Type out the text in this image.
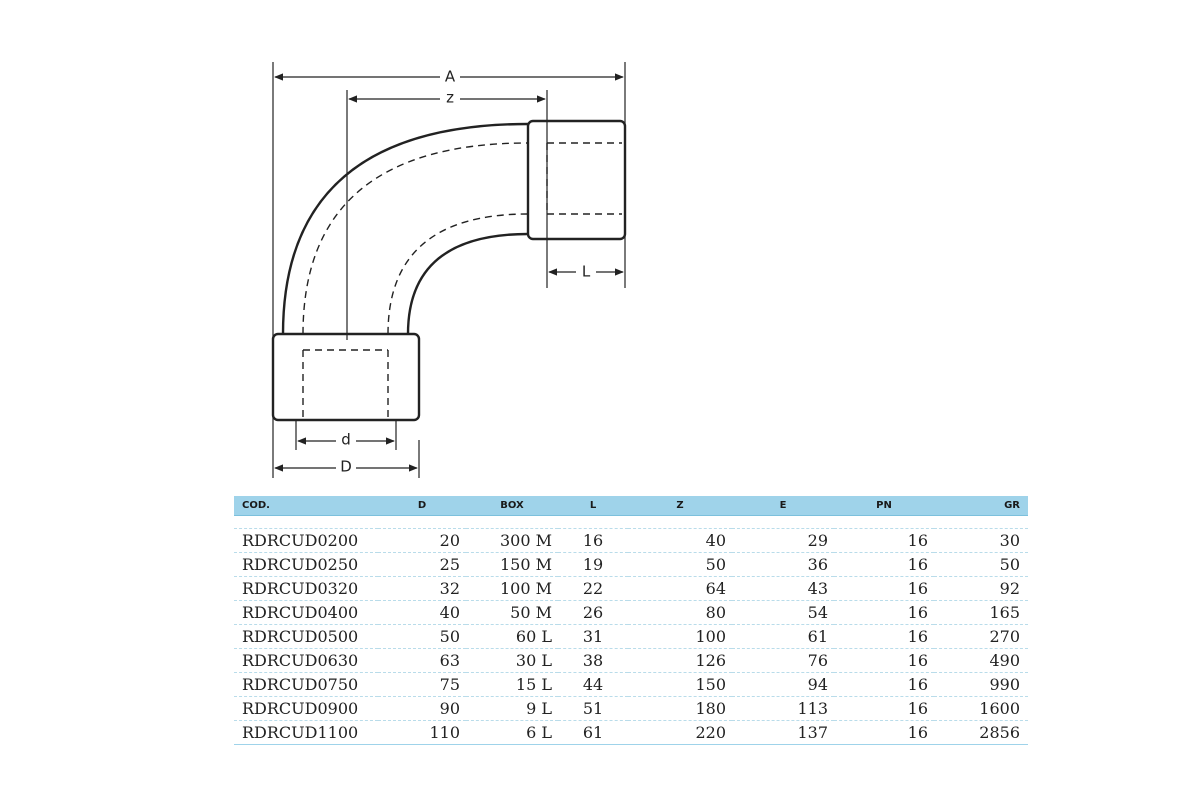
A
z
L
d
D
COD.	D	BOX	L	Z	E	PN	GR

RDRCUD0200	20	300 M	16	40	29	16	30
RDRCUD0250	25	150 M	19	50	36	16	50
RDRCUD0320	32	100 M	22	64	43	16	92
RDRCUD0400	40	50 M	26	80	54	16	165
RDRCUD0500	50	60 L	31	100	61	16	270
RDRCUD0630	63	30 L	38	126	76	16	490
RDRCUD0750	75	15 L	44	150	94	16	990
RDRCUD0900	90	9 L	51	180	113	16	1600
RDRCUD1100	110	6 L	61	220	137	16	2856
